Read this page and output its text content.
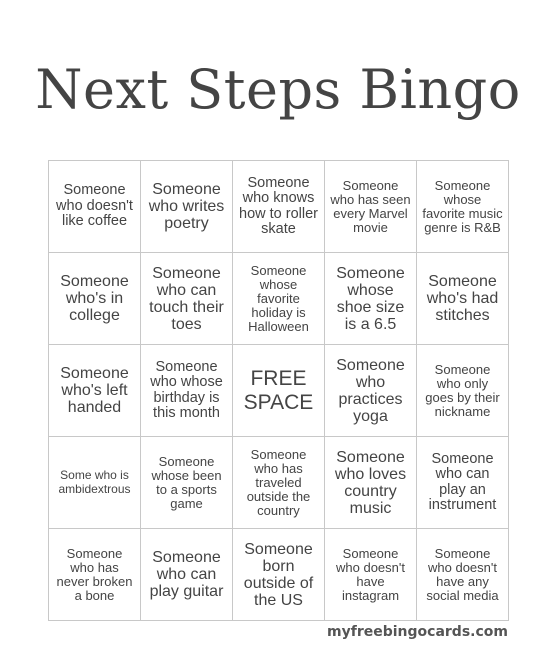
Next Steps Bingo
Someone who doesn't like coffee
Someone who writes poetry
Someone who knows how to roller skate
Someone who has seen every Marvel movie
Someone whose favorite music genre is R&B
Someone who's in college
Someone who can touch their toes
Someone whose favorite holiday is Halloween
Someone whose shoe size is a 6.5
Someone who's had stitches
Someone who's left handed
Someone who whose birthday is this month
FREE SPACE
Someone who practices yoga
Someone who only goes by their nickname
Some who is ambidextrous
Someone whose been to a sports game
Someone who has traveled outside the country
Someone who loves country music
Someone who can play an instrument
Someone who has never broken a bone
Someone who can play guitar
Someone born outside of the US
Someone who doesn't have instagram
Someone who doesn't have any social media
myfreebingocards.com
